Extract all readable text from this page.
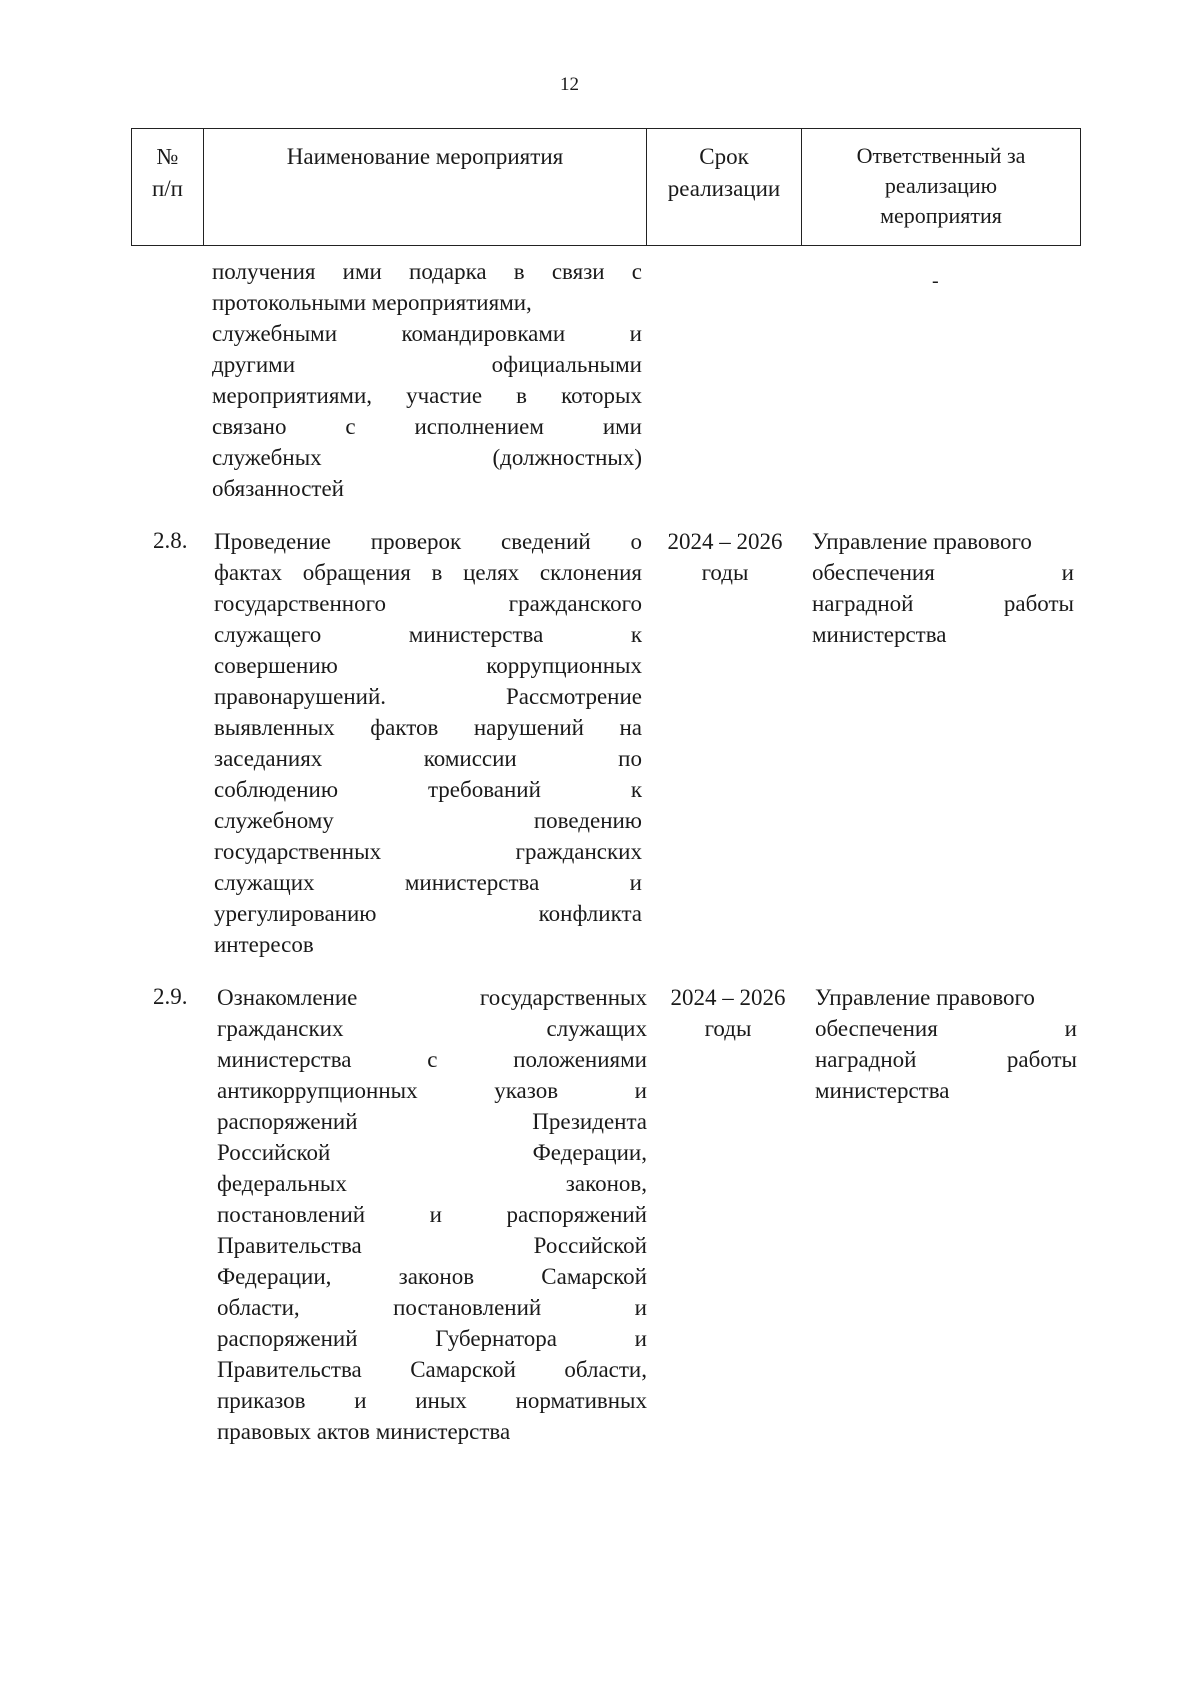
12
№
п/п
Наименование мероприятия	Срок
реализации
Ответственный за
реализацию
мероприятия
получения ими подарка в связи с
протокольными мероприятиями,
служебными командировками и
другими официальными
мероприятиями, участие в которых
связано с исполнением ими
служебных (должностных)
обязанностей
-
2.8. Проведение проверок сведений о
фактах обращения в целях склонения
государственного гражданского
служащего министерства к
совершению коррупционных
правонарушений. Рассмотрение
выявленных фактов нарушений на
заседаниях комиссии по
соблюдению требований к
служебному поведению
государственных гражданских
служащих министерства и
урегулированию конфликта
интересов
2024 – 2026
годы
Управление правового
обеспечения и
наградной работы
министерства
2.9. Ознакомление государственных
гражданских служащих
министерства с положениями
антикоррупционных указов и
распоряжений Президента
Российской Федерации,
федеральных законов,
постановлений и распоряжений
Правительства Российской
Федерации, законов Самарской
области, постановлений и
распоряжений Губернатора и
Правительства Самарской области,
приказов и иных нормативных
правовых актов министерства
2024 – 2026
годы
Управление правового
обеспечения и
наградной работы
министерства
